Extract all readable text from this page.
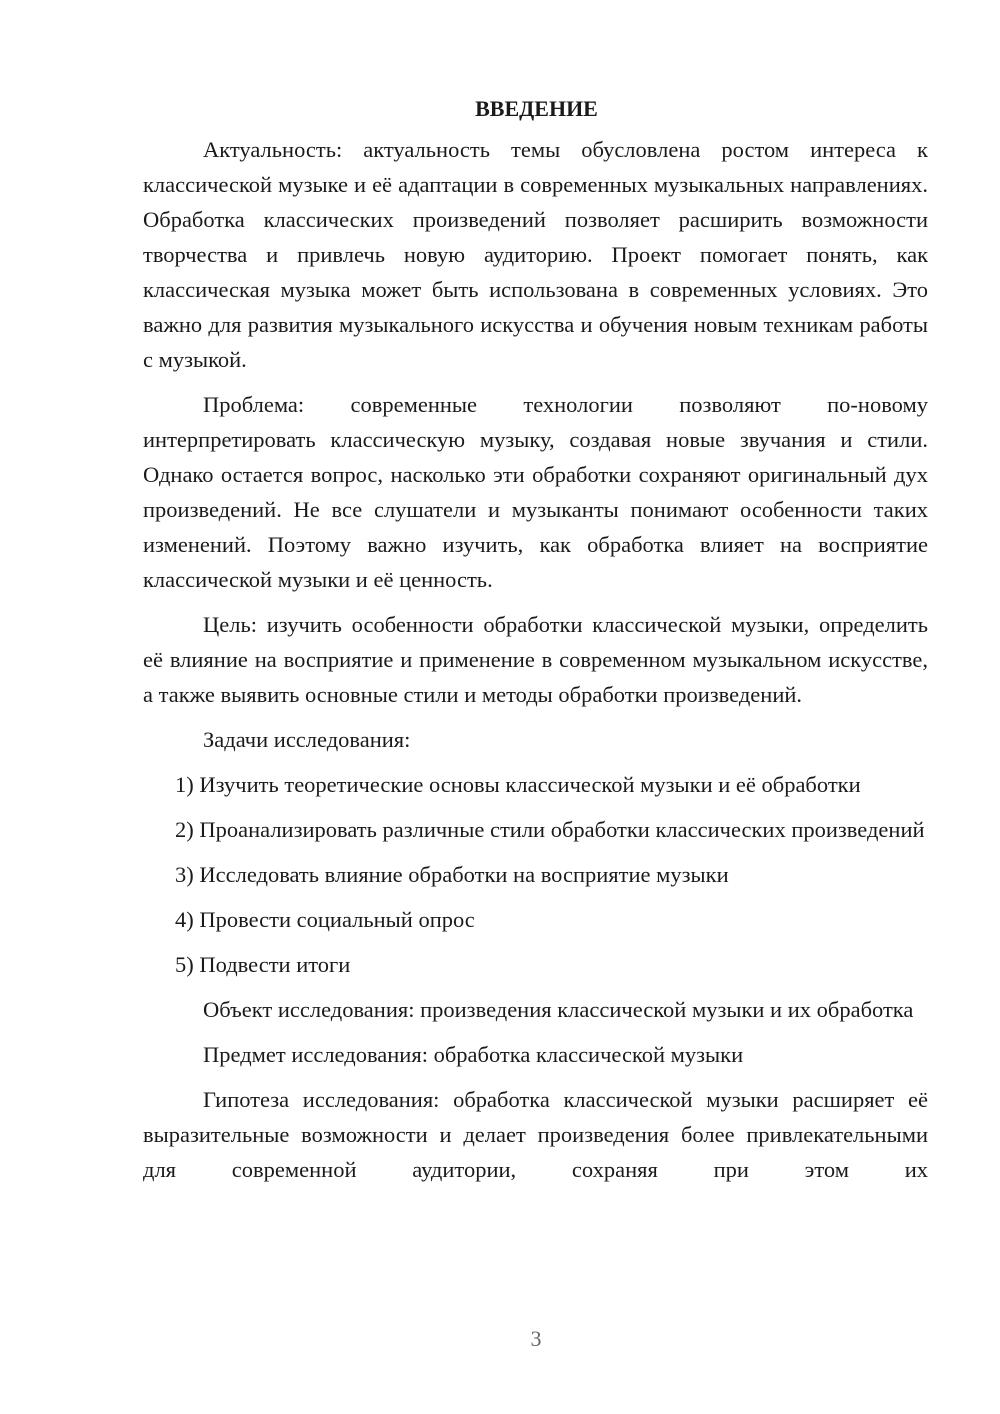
ВВЕДЕНИЕ

Актуальность: актуальность темы обусловлена ростом интереса к классической музыке и её адаптации в современных музыкальных направлениях. Обработка классических произведений позволяет расширить возможности творчества и привлечь новую аудиторию. Проект помогает понять, как классическая музыка может быть использована в современных условиях. Это важно для развития музыкального искусства и обучения новым техникам работы с музыкой.

Проблема: современные технологии позволяют по-новому интерпретировать классическую музыку, создавая новые звучания и стили. Однако остается вопрос, насколько эти обработки сохраняют оригинальный дух произведений. Не все слушатели и музыканты понимают особенности таких изменений. Поэтому важно изучить, как обработка влияет на восприятие классической музыки и её ценность.

Цель: изучить особенности обработки классической музыки, определить её влияние на восприятие и применение в современном музыкальном искусстве, а также выявить основные стили и методы обработки произведений.

Задачи исследования:

1) Изучить теоретические основы классической музыки и её обработки

2) Проанализировать различные стили обработки классических произведений

3) Исследовать влияние обработки на восприятие музыки

4) Провести социальный опрос

5) Подвести итоги

Объект исследования: произведения классической музыки и их обработка

Предмет исследования: обработка классической музыки

Гипотеза исследования: обработка классической музыки расширяет её выразительные возможности и делает произведения более привлекательными для современной аудитории, сохраняя при этом их

3
